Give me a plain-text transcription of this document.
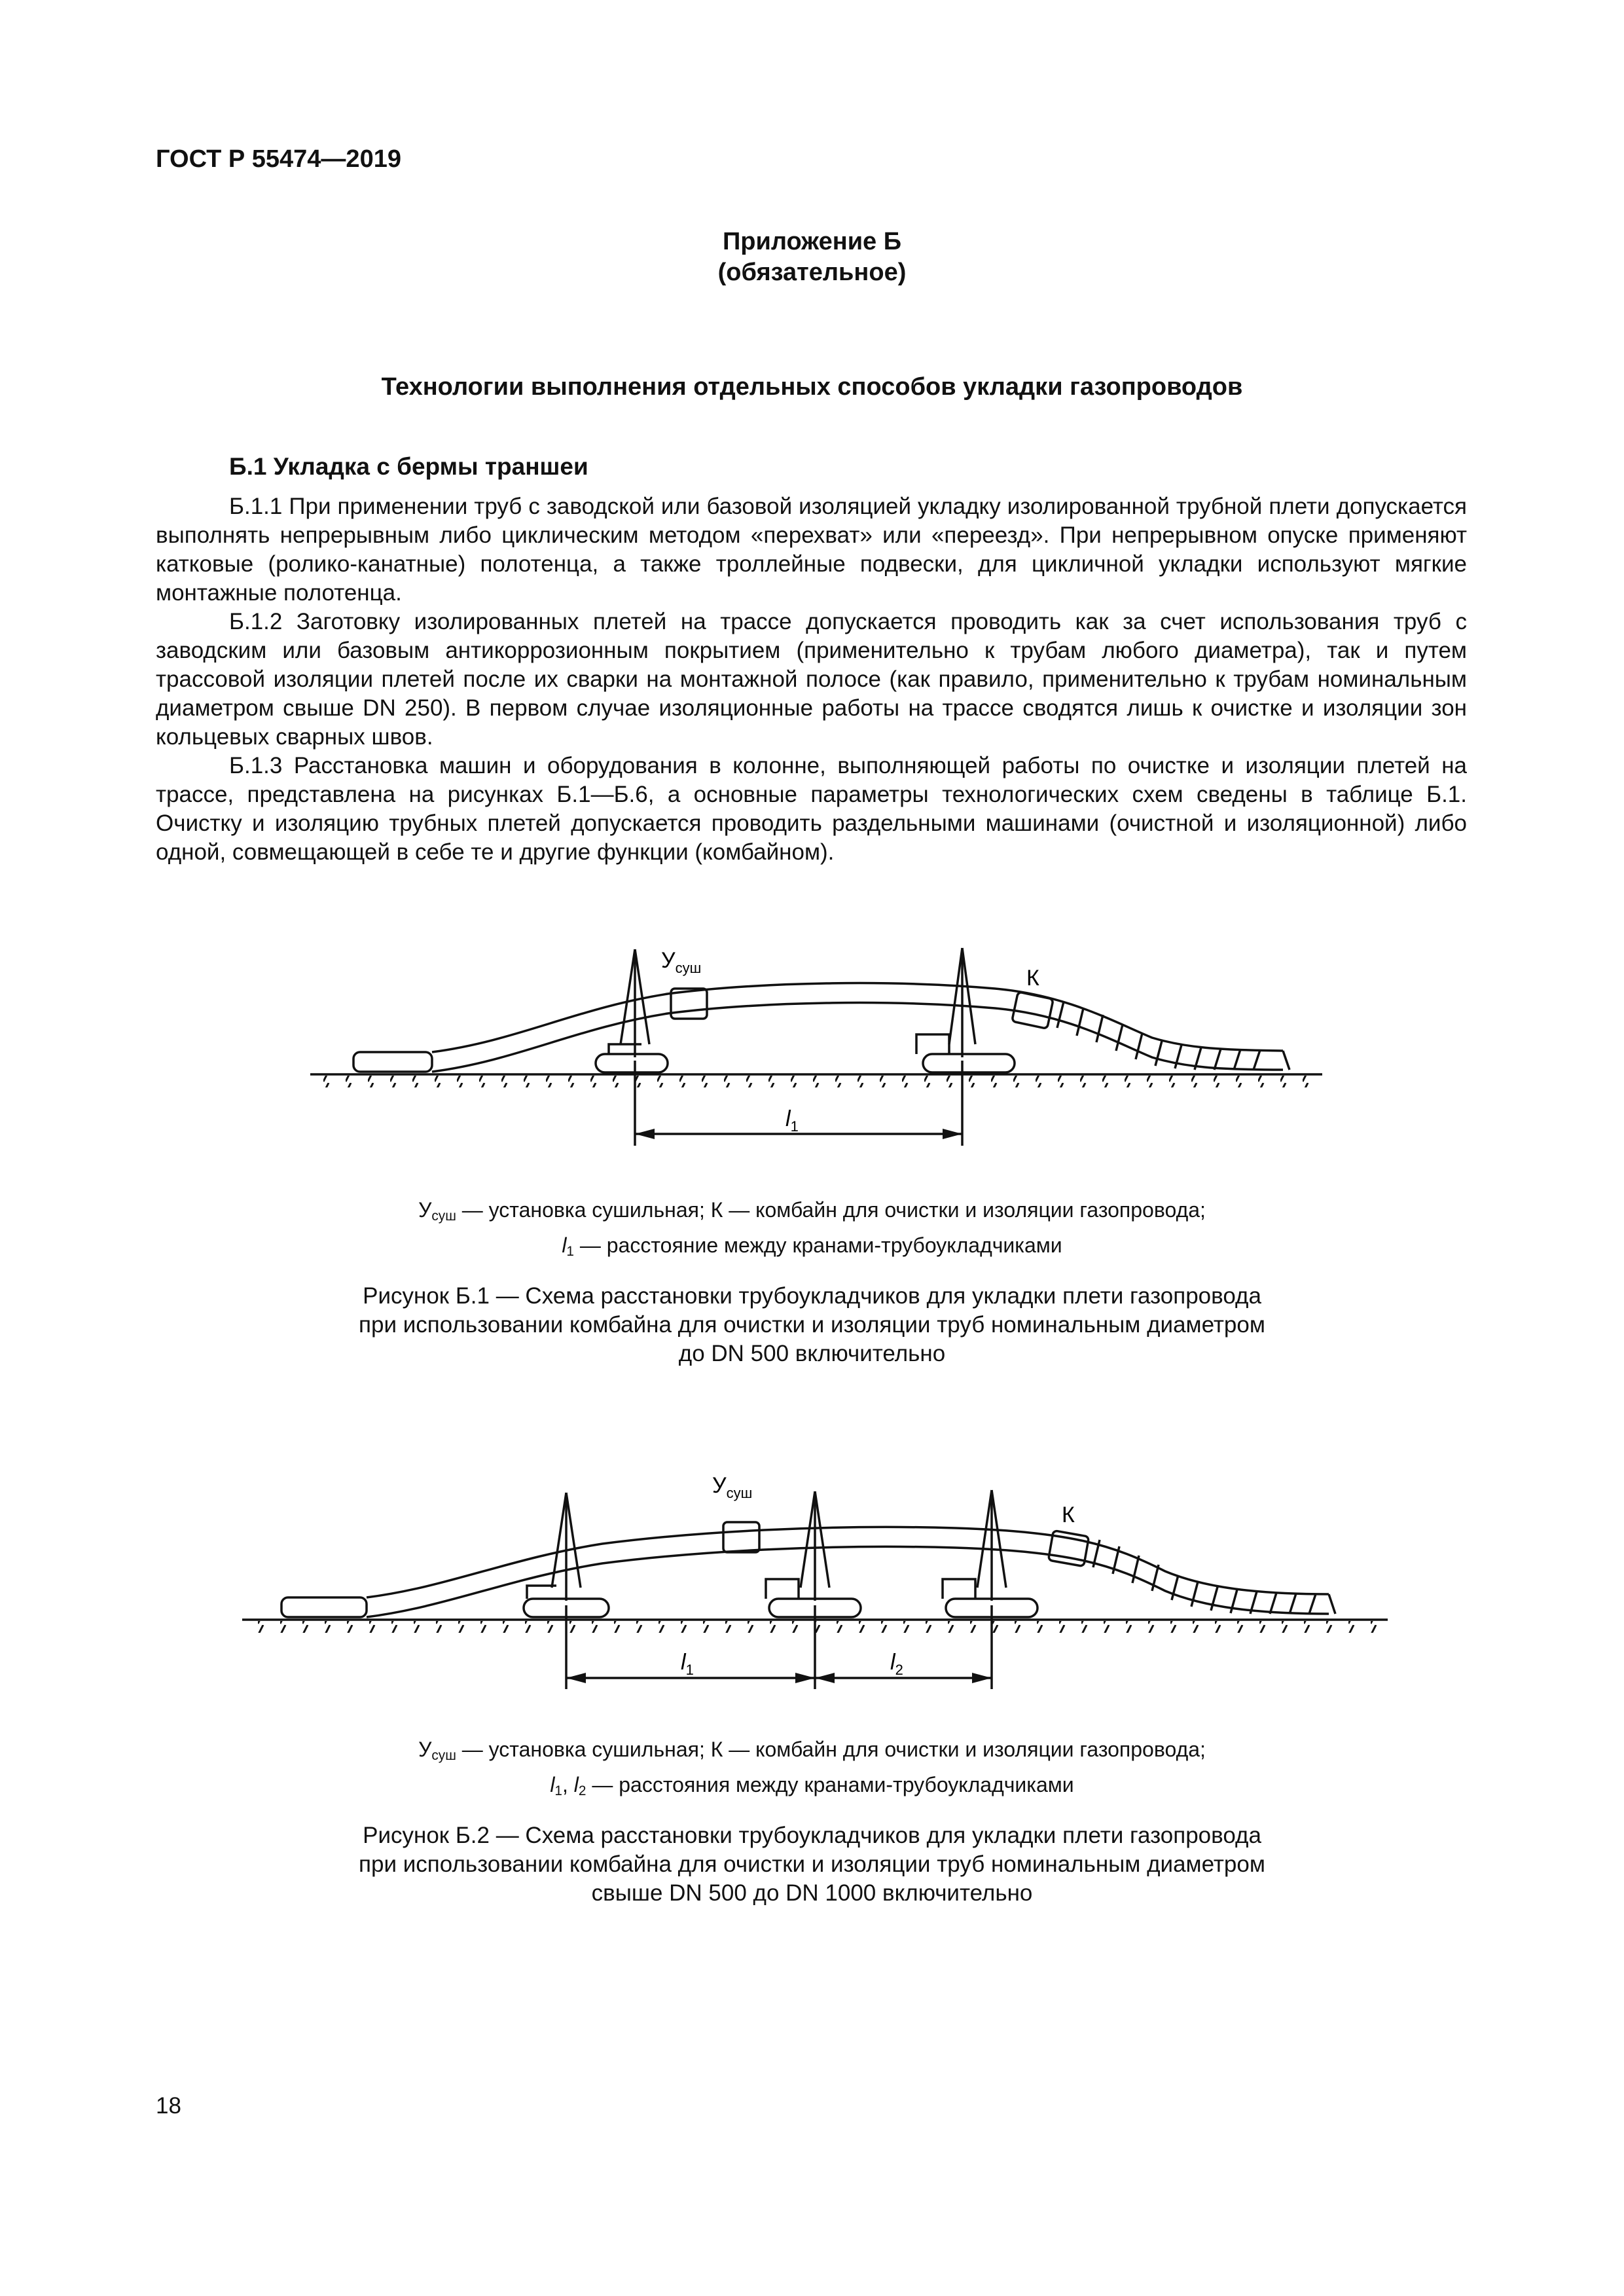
ГОСТ Р 55474—2019
Приложение Б
(обязательное)
Технологии выполнения отдельных способов укладки газопроводов
Б.1 Укладка с бермы траншеи

Б.1.1 При применении труб с заводской или базовой изоляцией укладку изолированной трубной плети допускается выполнять непрерывным либо циклическим методом «перехват» или «переезд». При непрерывном опуске применяют катковые (ролико-канатные) полотенца, а также троллейные подвески, для цикличной укладки используют мягкие монтажные полотенца.

Б.1.2 Заготовку изолированных плетей на трассе допускается проводить как за счет использования труб с заводским или базовым антикоррозионным покрытием (применительно к трубам любого диаметра), так и путем трассовой изоляции плетей после их сварки на монтажной полосе (как правило, применительно к трубам номинальным диаметром свыше DN 250). В первом случае изоляционные работы на трассе сводятся лишь к очистке и изоляции зон кольцевых сварных швов.

Б.1.3 Расстановка машин и оборудования в колонне, выполняющей работы по очистке и изоляции плетей на трассе, представлена на рисунках Б.1—Б.6, а основные параметры технологических схем сведены в таблице Б.1. Очистку и изоляцию трубных плетей допускается проводить раздельными машинами (очистной и изоляционной) либо одной, совмещающей в себе те и другие функции (комбайном).

$У_{суш}$	К
$l_1$
$У_{суш}$ — установка сушильная; К — комбайн для очистки и изоляции газопровода;
$l_1$ — расстояние между кранами-трубоукладчиками
Рисунок Б.1 — Схема расстановки трубоукладчиков для укладки плети газопровода
при использовании комбайна для очистки и изоляции труб номинальным диаметром
до DN 500 включительно
$У_{суш}$
К
$l_1$	$l_2$
$У_{суш}$ — установка сушильная; К — комбайн для очистки и изоляции газопровода;
$l_1$, $l_2$ — расстояния между кранами-трубоукладчиками
Рисунок Б.2 — Схема расстановки трубоукладчиков для укладки плети газопровода
при использовании комбайна для очистки и изоляции труб номинальным диаметром
свыше DN 500 до DN 1000 включительно
18
